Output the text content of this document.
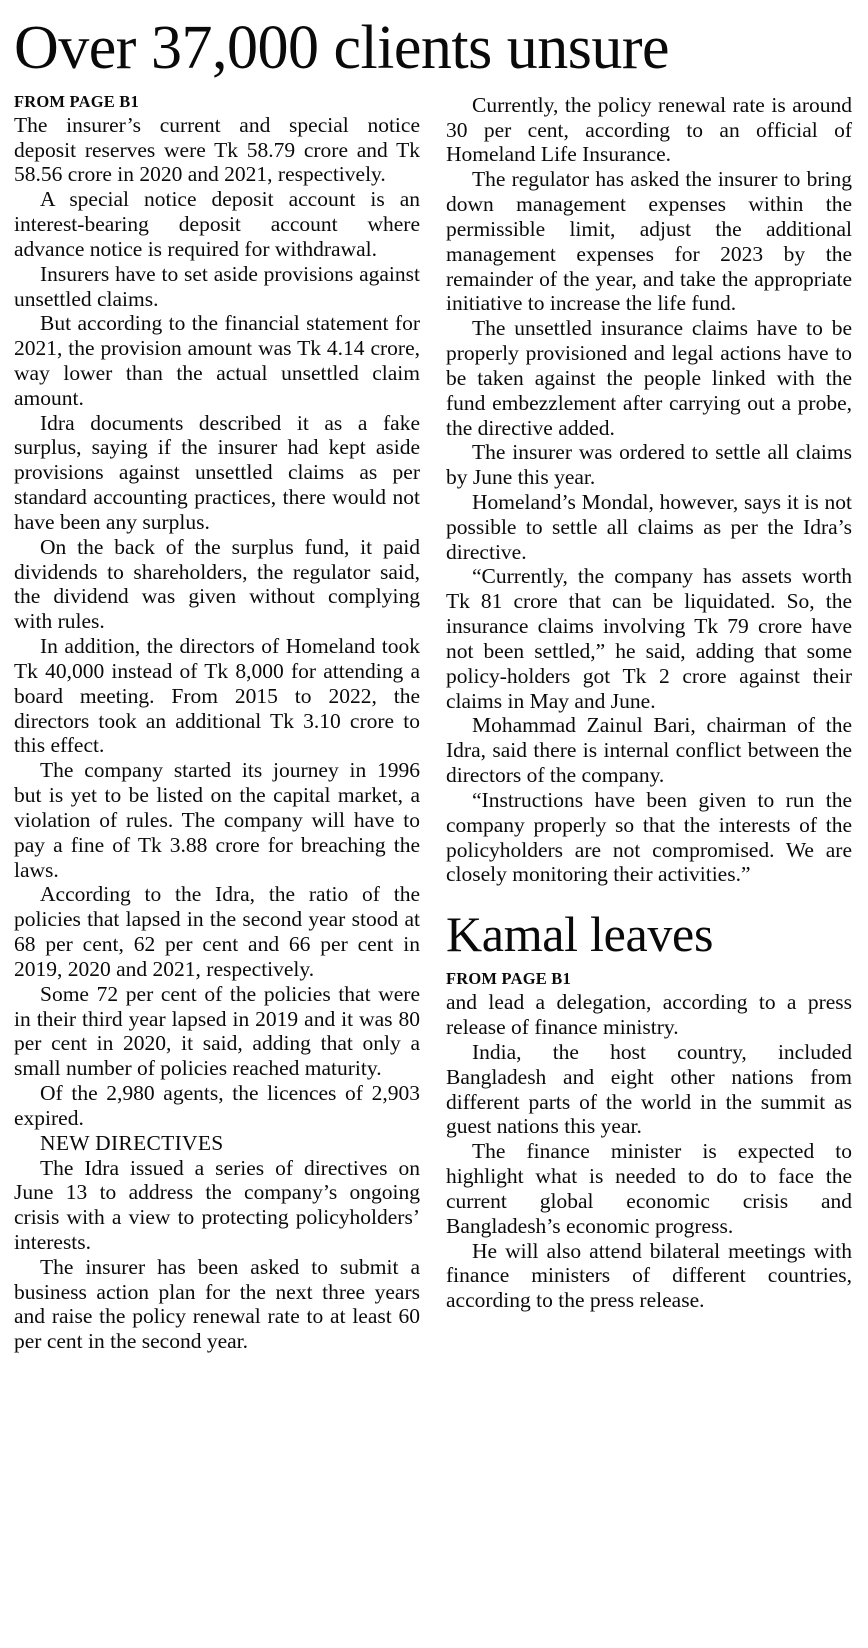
Over 37,000 clients unsure
FROM PAGE B1

The insurer’s current and special notice deposit reserves were Tk 58.79 crore and Tk 58.56 crore in 2020 and 2021, respectively.

A special notice deposit account is an interest-bearing deposit account where advance notice is required for withdrawal.

Insurers have to set aside provisions against unsettled claims.

But according to the financial statement for 2021, the provision amount was Tk 4.14 crore, way lower than the actual unsettled claim amount.

Idra documents described it as a fake surplus, saying if the insurer had kept aside provisions against unsettled claims as per standard accounting practices, there would not have been any surplus.

On the back of the surplus fund, it paid dividends to shareholders, the regulator said, the dividend was given without complying with rules.

In addition, the directors of Homeland took Tk 40,000 instead of Tk 8,000 for attending a board meeting. From 2015 to 2022, the directors took an additional Tk 3.10 crore to this effect.

The company started its journey in 1996 but is yet to be listed on the capital market, a violation of rules. The company will have to pay a fine of Tk 3.88 crore for breaching the laws.

According to the Idra, the ratio of the policies that lapsed in the second year stood at 68 per cent, 62 per cent and 66 per cent in 2019, 2020 and 2021, respectively.

Some 72 per cent of the policies that were in their third year lapsed in 2019 and it was 80 per cent in 2020, it said, adding that only a small number of policies reached maturity.

Of the 2,980 agents, the licences of 2,903 expired.

NEW DIRECTIVES

The Idra issued a series of directives on June 13 to address the company’s ongoing crisis with a view to protecting policyholders’ interests.

The insurer has been asked to submit a business action plan for the next three years and raise the policy renewal rate to at least 60 per cent in the second year.

Currently, the policy renewal rate is around 30 per cent, according to an official of Homeland Life Insurance.

The regulator has asked the insurer to bring down management expenses within the permissible limit, adjust the additional management expenses for 2023 by the remainder of the year, and take the appropriate initiative to increase the life fund.

The unsettled insurance claims have to be properly provisioned and legal actions have to be taken against the people linked with the fund embezzlement after carrying out a probe, the directive added.

The insurer was ordered to settle all claims by June this year.

Homeland’s Mondal, however, says it is not possible to settle all claims as per the Idra’s directive.

“Currently, the company has assets worth Tk 81 crore that can be liquidated. So, the insurance claims involving Tk 79 crore have not been settled,” he said, adding that some policy-holders got Tk 2 crore against their claims in May and June.

Mohammad Zainul Bari, chairman of the Idra, said there is internal conflict between the directors of the company.

“Instructions have been given to run the company properly so that the interests of the policyholders are not compromised. We are closely monitoring their activities.”

Kamal leaves
FROM PAGE B1

and lead a delegation, according to a press release of finance ministry.

India, the host country, included Bangladesh and eight other nations from different parts of the world in the summit as guest nations this year.

The finance minister is expected to highlight what is needed to do to face the current global economic crisis and Bangladesh’s economic progress.

He will also attend bilateral meetings with finance ministers of different countries, according to the press release.
